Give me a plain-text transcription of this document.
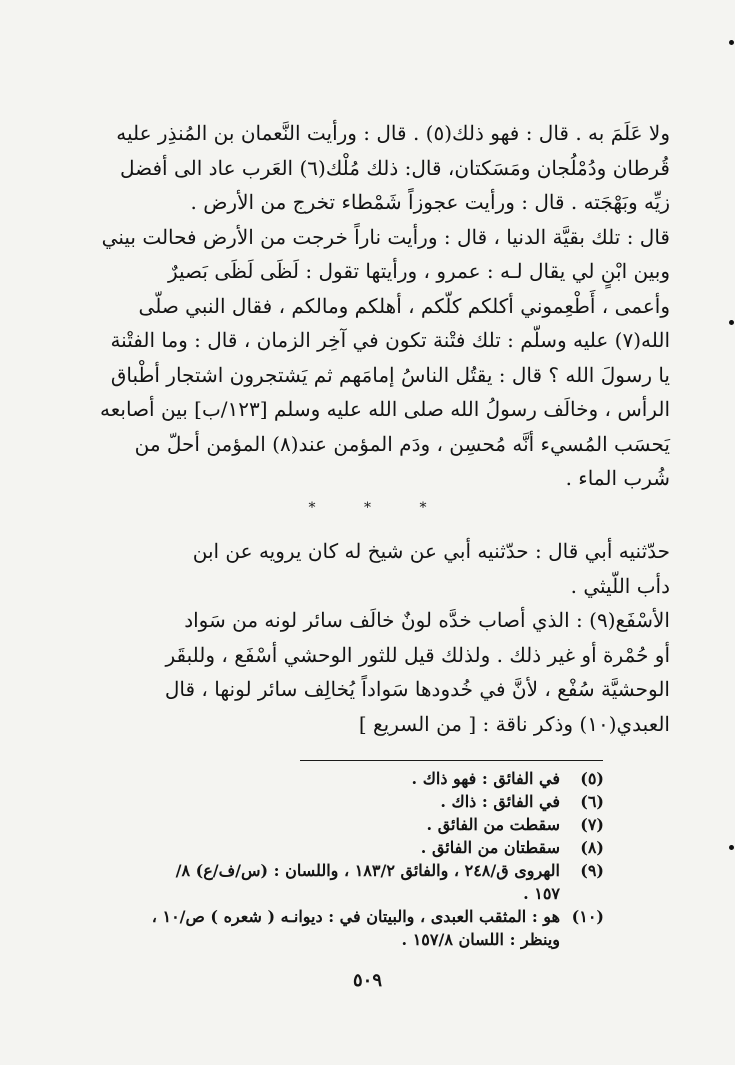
ولا عَلَمَ به . قال : فهو ذلك(٥) . قال : ورأيت النَّعمان بن المُنذِر عليه

قُرطان ودُمْلُجان ومَسَكتان، قال: ذلك مُلْك(٦) العَرب عاد الى أفضل

زيِّه وبَهْجَته . قال : ورأيت عجوزاً شَمْطاء تخرج من الأرض .

قال : تلك بقيَّة الدنيا ، قال : ورأيت ناراً خرجت من الأرض فحالت بيني

وبين ابْنٍ لي يقال لـه : عمرو ، ورأيتها تقول : لَظَى لَظَى بَصيرٌ

وأعمى ، أَطْعِموني أكلكم كلّكم ، أهلكم ومالكم ، فقال النبي صلّى

الله(٧) عليه وسلّم : تلك فتْنة تكون في آخِر الزمان ، قال : وما الفتْنة

يا رسولَ الله ؟ قال : يقتُل الناسُ إمامَهم ثم يَشتجرون اشتجار أطْباق

الرأس ، وخالَف رسولُ الله صلى الله عليه وسلم [١٢٣/ب] بين أصابعه

يَحسَب المُسيء أنَّه مُحسِن ، ودَم المؤمن عند(٨) المؤمن أحلّ من

شُرب الماء .

* * *

حدّثنيه أبي قال : حدّثنيه أبي عن شيخ له كان يرويه عن ابن

دأب اللّيثي .

الأسْفَع(٩) : الذي أصاب خدَّه لونٌ خالَف سائر لونه من سَواد

أو حُمْرة أو غير ذلك . ولذلك قيل للثور الوحشي أسْفَع ، وللبقَر

الوحشيَّة سُفْع ، لأنَّ في خُدودها سَواداً يُخالِف سائر لونها ، قال

العبدي(١٠) وذكر ناقة : [ من السريع ]

(٥)
في الفائق : فهو ذاك .
(٦)
في الفائق : ذاك .
(٧)
سقطت من الفائق .
(٨)
سقطتان من الفائق .
(٩)
الهروى ق/٢٤٨ ، والفائق ١٨٣/٢ ، واللسان : (س/ف/ع) ٨/
١٥٧ .
(١٠)
هو : المثقب العبدى ، والبيتان في : ديوانـه ( شعره ) ص/١٠ ،
وينظر : اللسان ١٥٧/٨ .
٥٠٩
